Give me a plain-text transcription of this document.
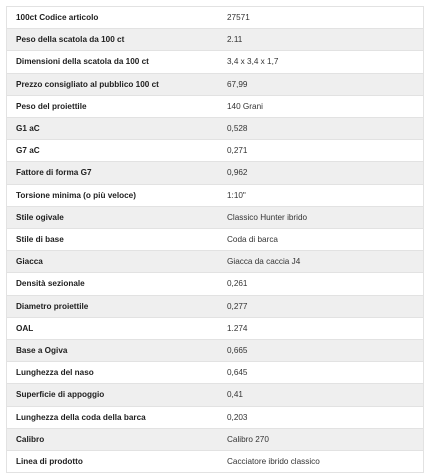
100ct Codice articolo	27571
Peso della scatola da 100 ct	2.11
Dimensioni della scatola da 100 ct	3,4 x 3,4 x 1,7
Prezzo consigliato al pubblico 100 ct	67,99
Peso del proiettile	140 Grani
G1 aC	0,528
G7 aC	0,271
Fattore di forma G7	0,962
Torsione minima (o più veloce)	1:10"
Stile ogivale	Classico Hunter ibrido
Stile di base	Coda di barca
Giacca	Giacca da caccia J4
Densità sezionale	0,261
Diametro proiettile	0,277
OAL	1.274
Base a Ogiva	0,665
Lunghezza del naso	0,645
Superficie di appoggio	0,41
Lunghezza della coda della barca	0,203
Calibro	Calibro 270
Linea di prodotto	Cacciatore ibrido classico
